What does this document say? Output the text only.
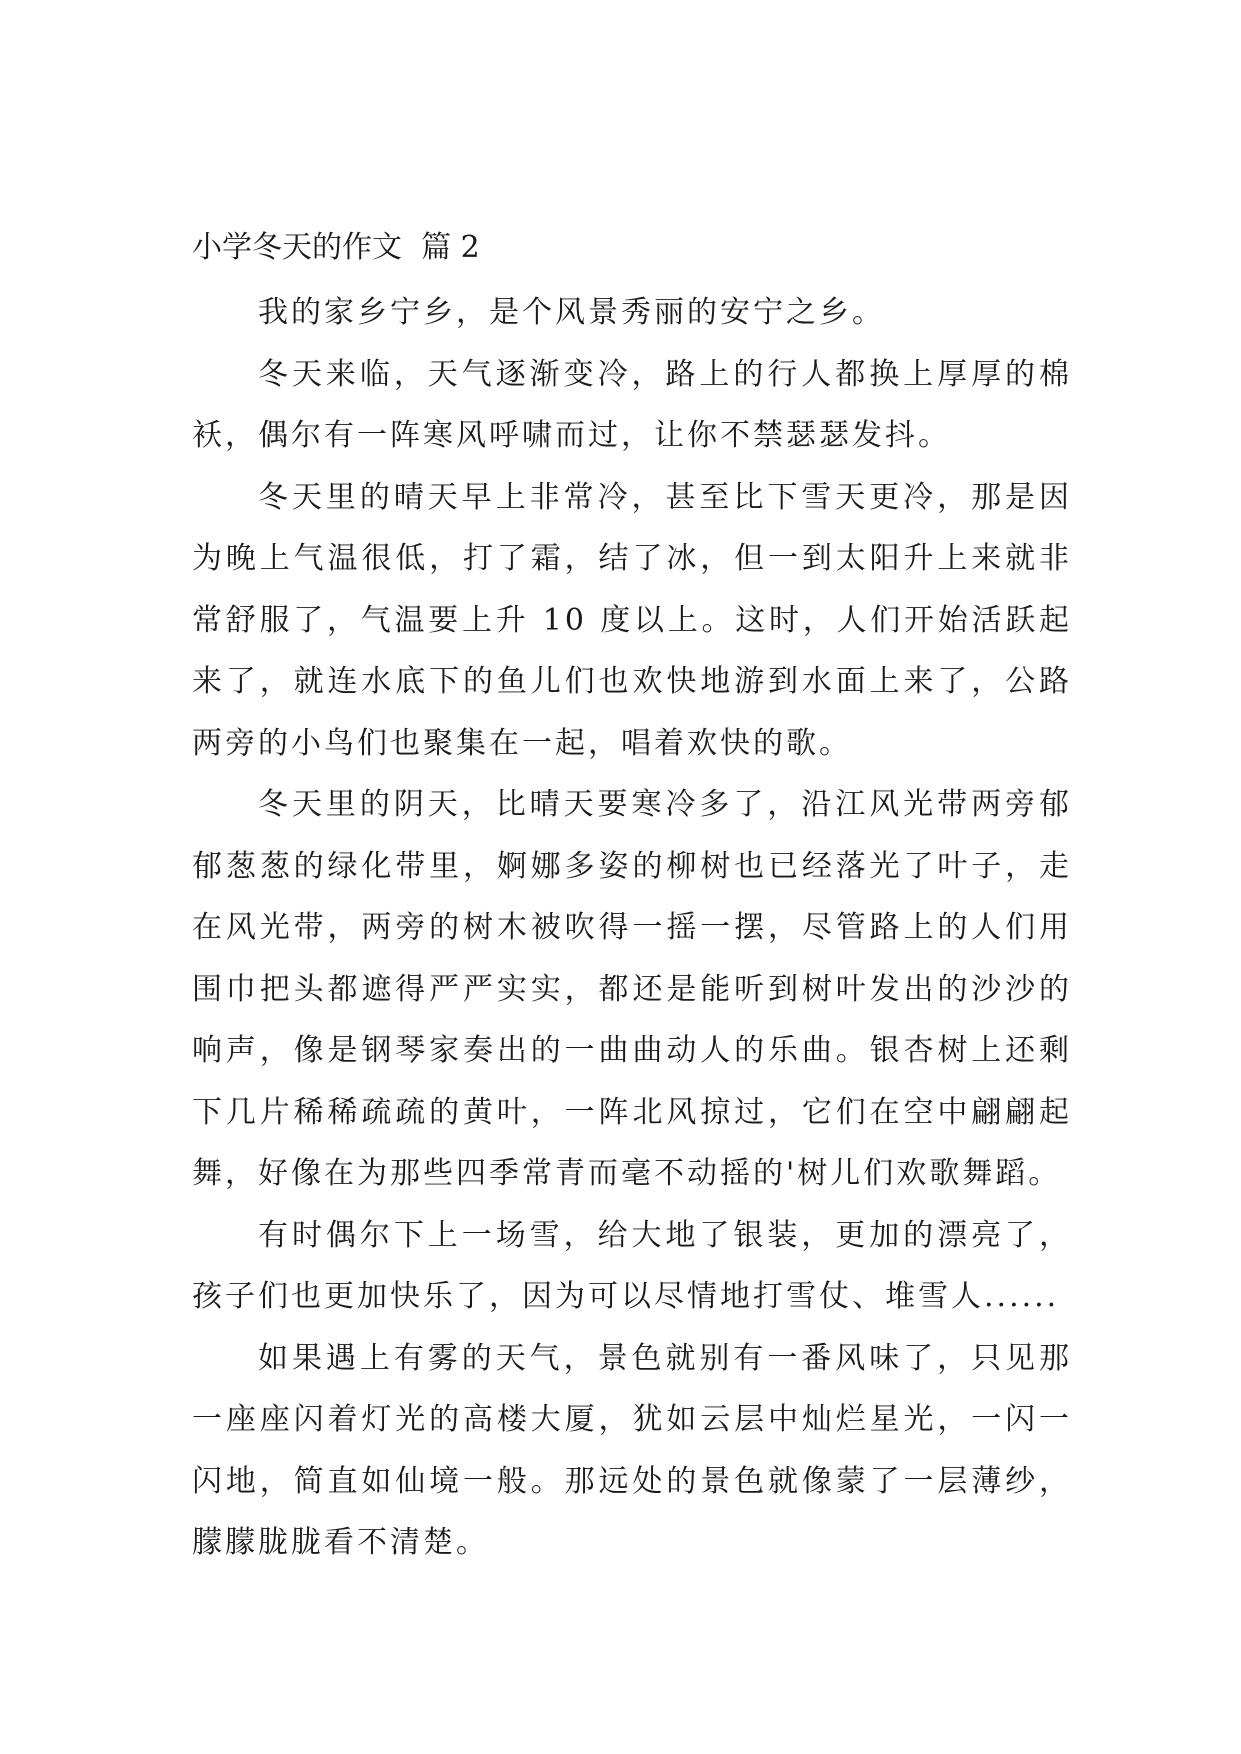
小学冬天的作文  篇 2

我的家乡宁乡，是个风景秀丽的安宁之乡。

冬天来临，天气逐渐变冷，路上的行人都换上厚厚的棉袄，偶尔有一阵寒风呼啸而过，让你不禁瑟瑟发抖。

冬天里的晴天早上非常冷，甚至比下雪天更冷，那是因为晚上气温很低，打了霜，结了冰，但一到太阳升上来就非常舒服了，气温要上升 10 度以上。这时，人们开始活跃起来了，就连水底下的鱼儿们也欢快地游到水面上来了，公路两旁的小鸟们也聚集在一起，唱着欢快的歌。

冬天里的阴天，比晴天要寒冷多了，沿江风光带两旁郁郁葱葱的绿化带里，婀娜多姿的柳树也已经落光了叶子，走在风光带，两旁的树木被吹得一摇一摆，尽管路上的人们用围巾把头都遮得严严实实，都还是能听到树叶发出的沙沙的响声，像是钢琴家奏出的一曲曲动人的乐曲。银杏树上还剩下几片稀稀疏疏的黄叶，一阵北风掠过，它们在空中翩翩起舞，好像在为那些四季常青而毫不动摇的'树儿们欢歌舞蹈。

有时偶尔下上一场雪，给大地了银装，更加的漂亮了，孩子们也更加快乐了，因为可以尽情地打雪仗、堆雪人......

如果遇上有雾的天气，景色就别有一番风味了，只见那一座座闪着灯光的高楼大厦，犹如云层中灿烂星光，一闪一闪地，简直如仙境一般。那远处的景色就像蒙了一层薄纱，朦朦胧胧看不清楚。
